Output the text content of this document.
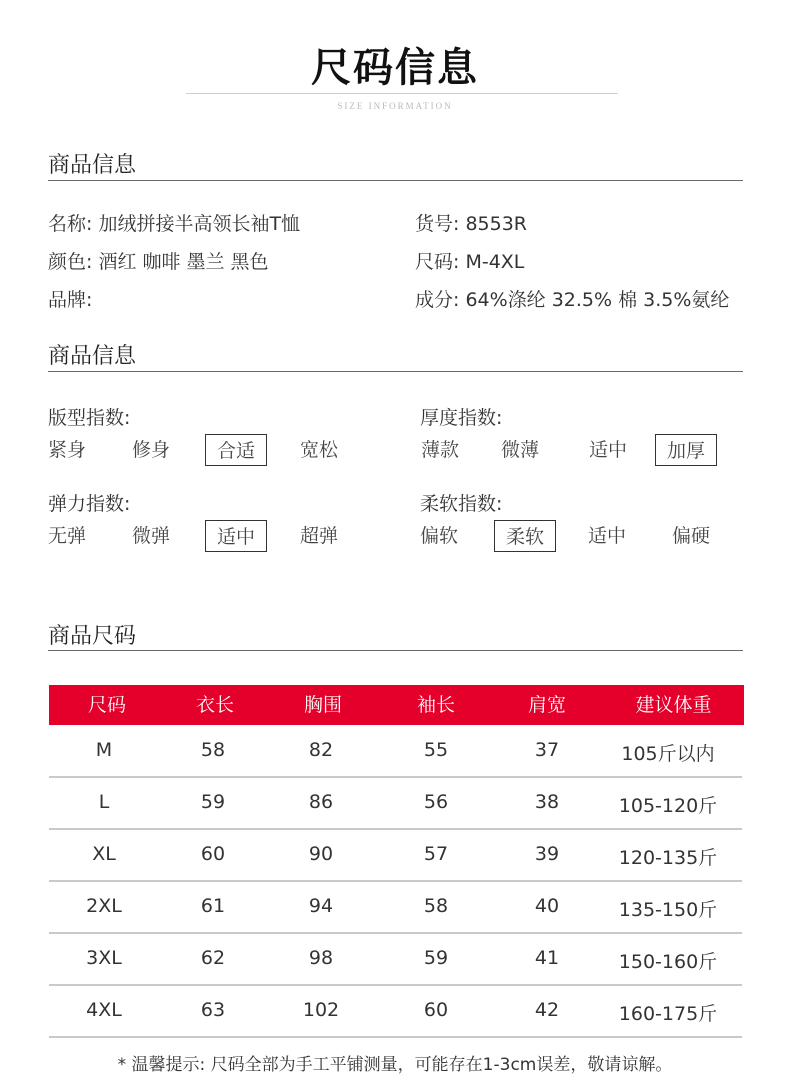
尺码信息
SIZE INFORMATION
商品信息
名称: 加绒拼接半高领长袖T恤	货号: 8553R
颜色: 酒红 咖啡 墨兰 黑色	尺码: M-4XL
品牌:	成分: 64%涤纶 32.5% 棉 3.5%氨纶
商品信息
版型指数:	厚度指数:
弹力指数:	柔软指数:
紧身	修身	合适	宽松	薄款	微薄	适中	加厚
无弹	微弹	适中	超弹	偏软	柔软	适中	偏硬
商品尺码
尺码	衣长	胸围	袖长	肩宽	建议体重
M	58	82	55	37	105斤以内
L	59	86	56	38	105-120斤
XL	60	90	57	39	120-135斤
2XL	61	94	58	40	135-150斤
3XL	62	98	59	41	150-160斤
4XL	63	102	60	42	160-175斤
* 温馨提示: 尺码全部为手工平铺测量，可能存在1-3cm误差，敬请谅解。
